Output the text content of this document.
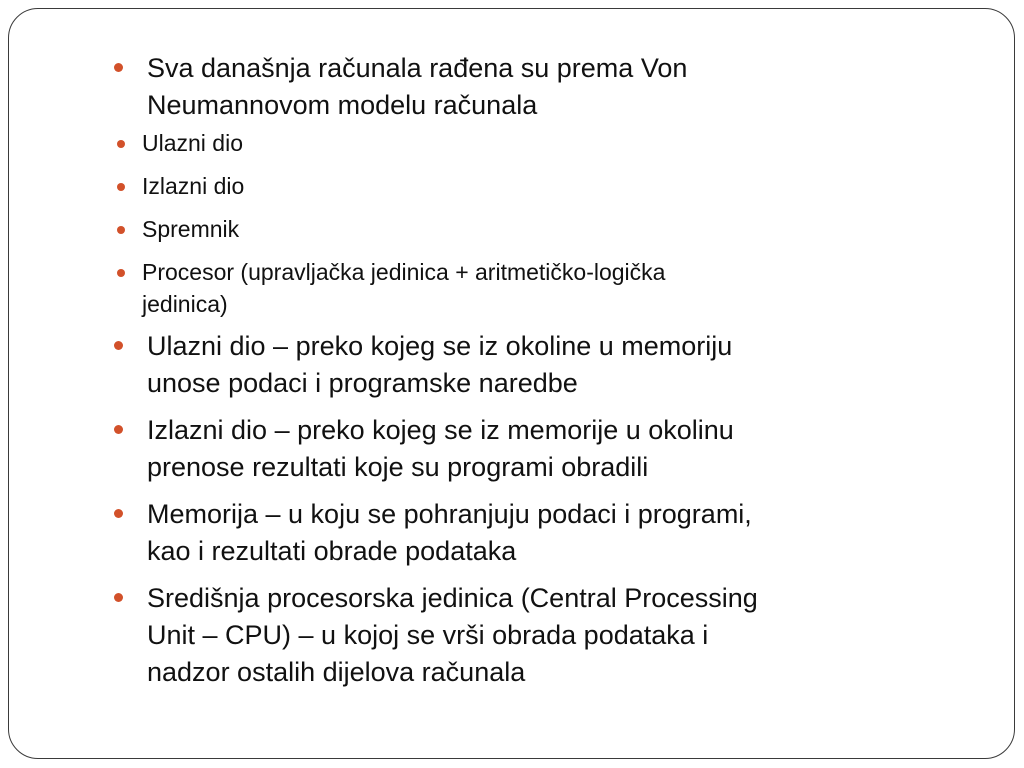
Sva današnja računala rađena su prema Von
Neumannovom modelu računala
Ulazni dio
Izlazni dio
Spremnik
Procesor (upravljačka jedinica + aritmetičko-logička
jedinica)
Ulazni dio – preko kojeg se iz okoline u memoriju
unose podaci i programske naredbe
Izlazni dio – preko kojeg se iz memorije u okolinu
prenose rezultati koje su programi obradili
Memorija – u koju se pohranjuju podaci i programi,
kao i rezultati obrade podataka
Središnja procesorska jedinica (Central Processing
Unit – CPU) – u kojoj se vrši obrada podataka i
nadzor ostalih dijelova računala
